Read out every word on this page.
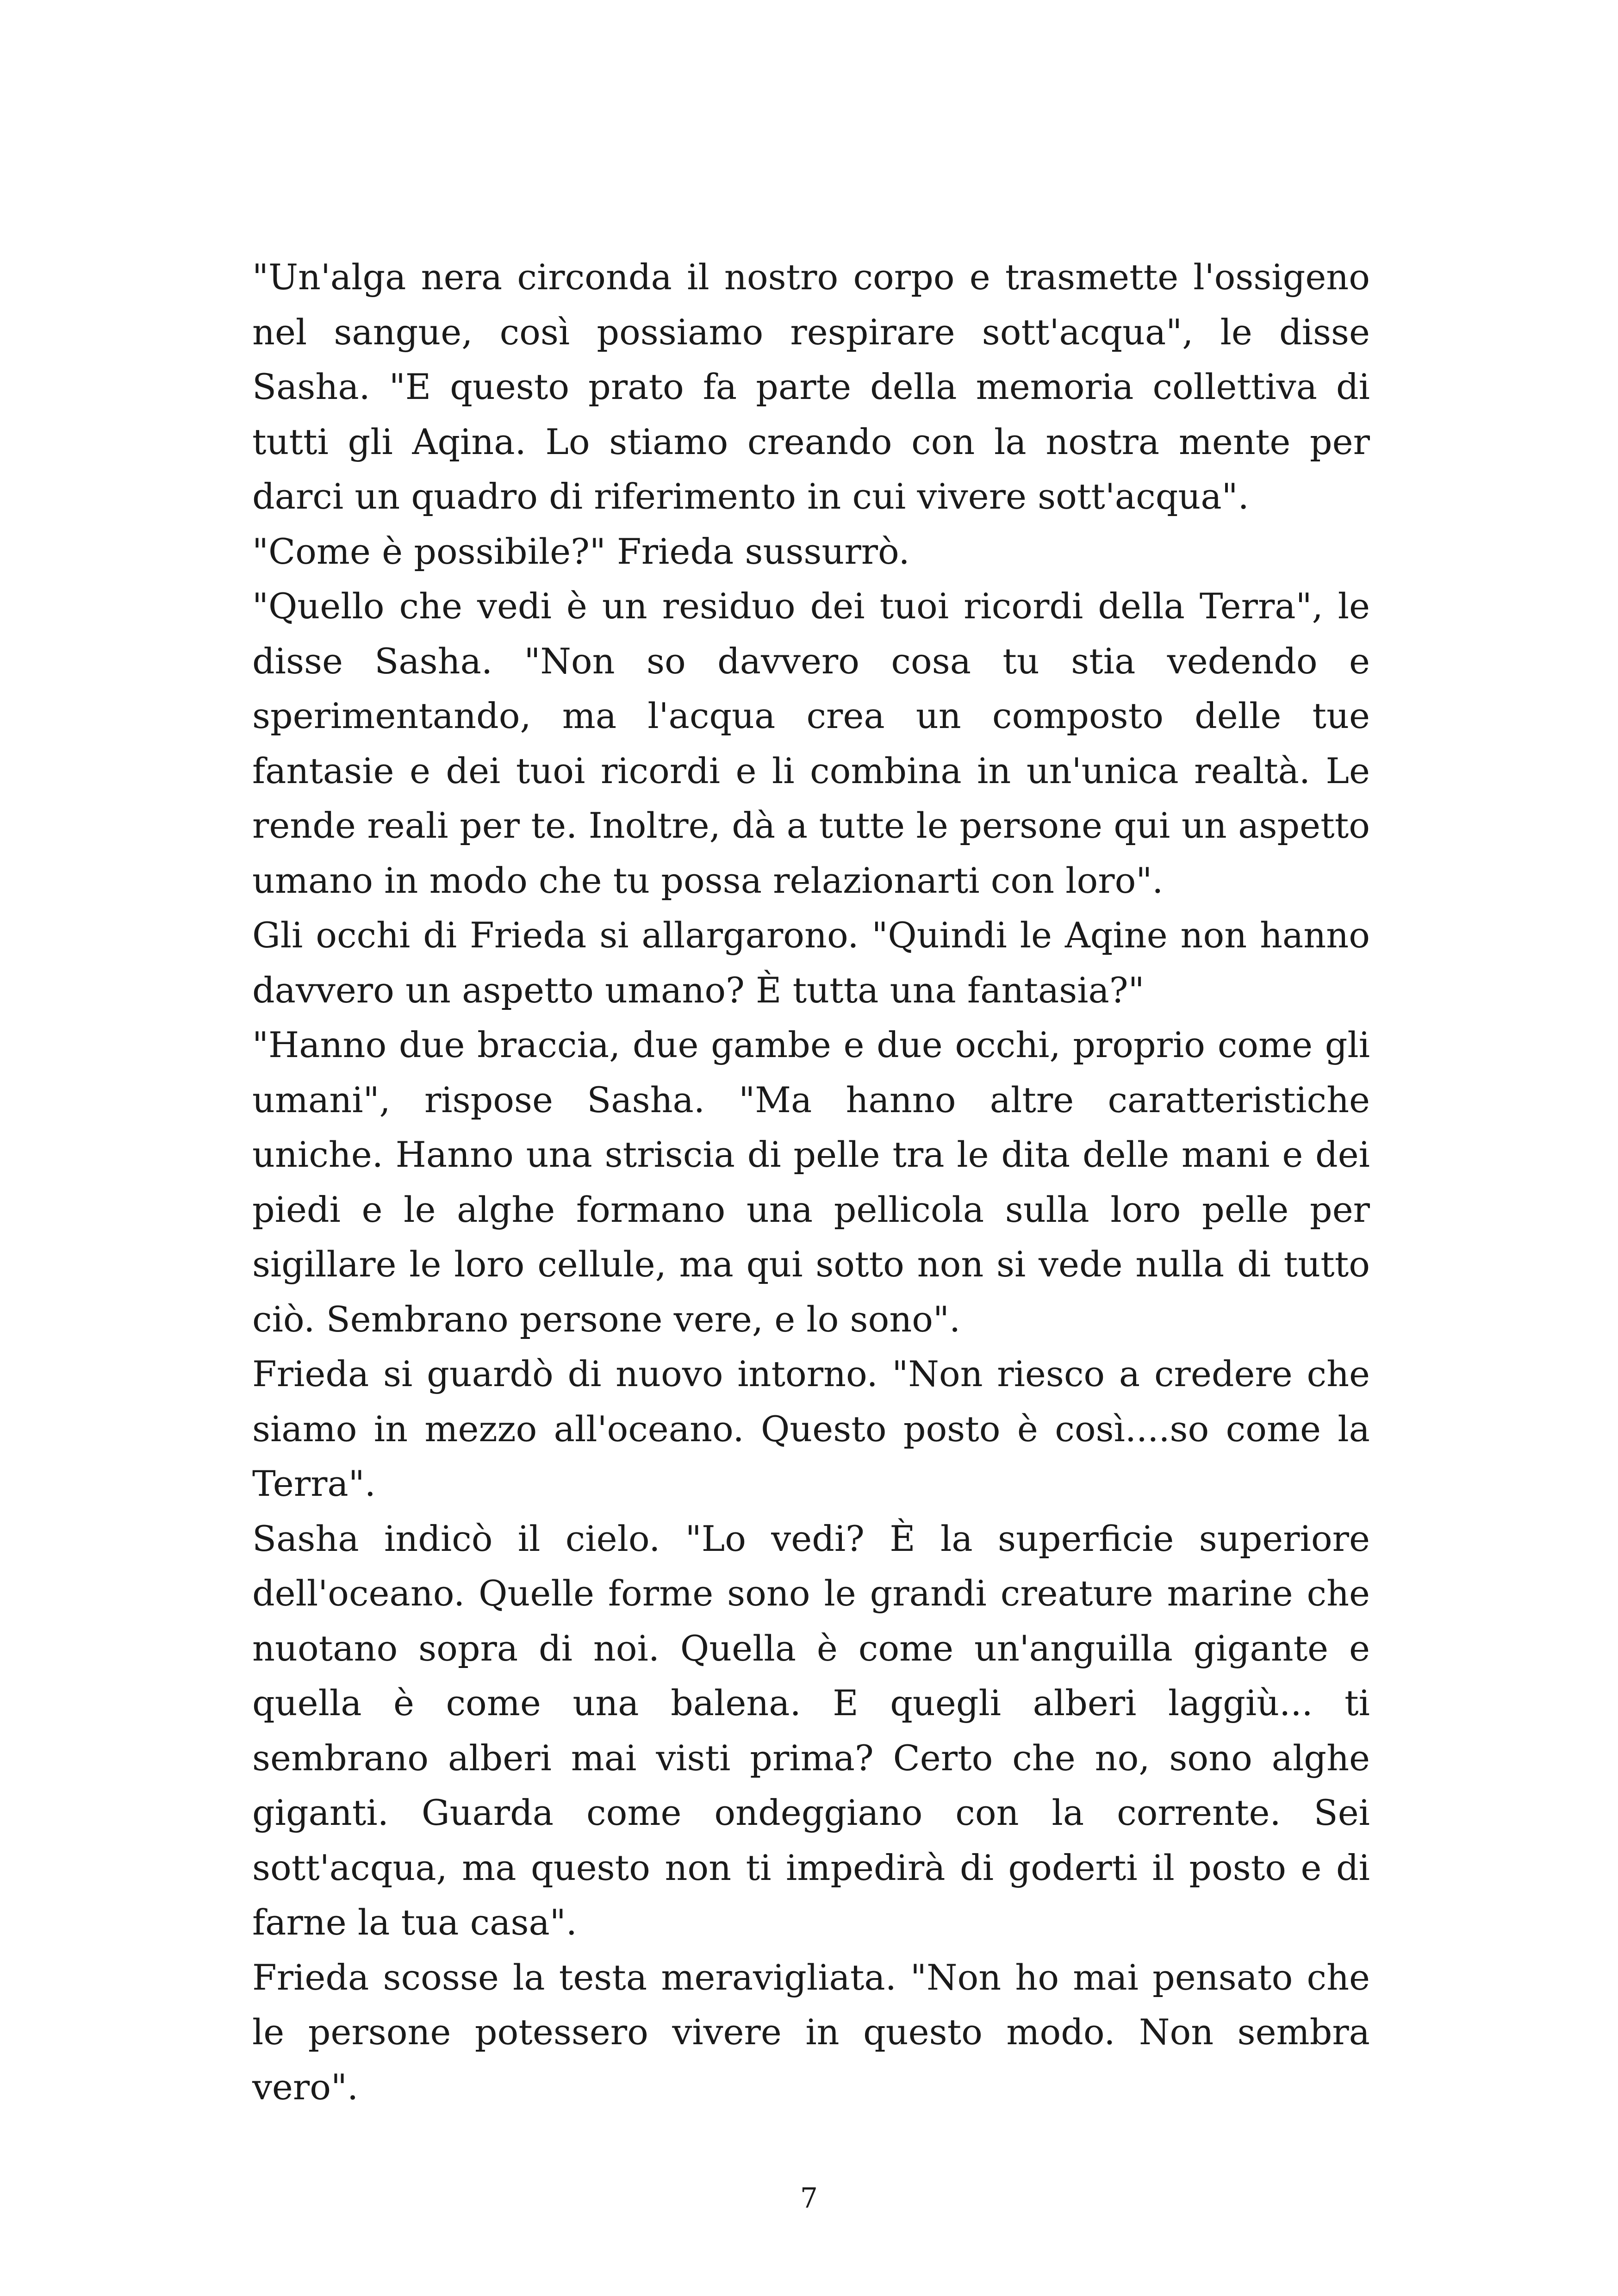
"Un'alga nera circonda il nostro corpo e trasmette l'ossigeno nel sangue, così possiamo respirare sott'acqua", le disse Sasha. "E questo prato fa parte della memoria collettiva di tutti gli Aqina. Lo stiamo creando con la nostra mente per darci un quadro di riferimento in cui vivere sott'acqua".

"Come è possibile?" Frieda sussurrò.

"Quello che vedi è un residuo dei tuoi ricordi della Terra", le disse Sasha. "Non so davvero cosa tu stia vedendo e sperimentando, ma l'acqua crea un composto delle tue fantasie e dei tuoi ricordi e li combina in un'unica realtà. Le rende reali per te. Inoltre, dà a tutte le persone qui un aspetto umano in modo che tu possa relazionarti con loro".

Gli occhi di Frieda si allargarono. "Quindi le Aqine non hanno davvero un aspetto umano? È tutta una fantasia?"

"Hanno due braccia, due gambe e due occhi, proprio come gli umani", rispose Sasha. "Ma hanno altre caratteristiche uniche. Hanno una striscia di pelle tra le dita delle mani e dei piedi e le alghe formano una pellicola sulla loro pelle per sigillare le loro cellule, ma qui sotto non si vede nulla di tutto ciò. Sembrano persone vere, e lo sono".

Frieda si guardò di nuovo intorno. "Non riesco a credere che siamo in mezzo all'oceano. Questo posto è così....so come la Terra".

Sasha indicò il cielo. "Lo vedi? È la superficie superiore dell'oceano. Quelle forme sono le grandi creature marine che nuotano sopra di noi. Quella è come un'anguilla gigante e quella è come una balena. E quegli alberi laggiù... ti sembrano alberi mai visti prima? Certo che no, sono alghe giganti. Guarda come ondeggiano con la corrente. Sei sott'acqua, ma questo non ti impedirà di goderti il posto e di farne la tua casa".

Frieda scosse la testa meravigliata. "Non ho mai pensato che le persone potessero vivere in questo modo. Non sembra vero".

7
